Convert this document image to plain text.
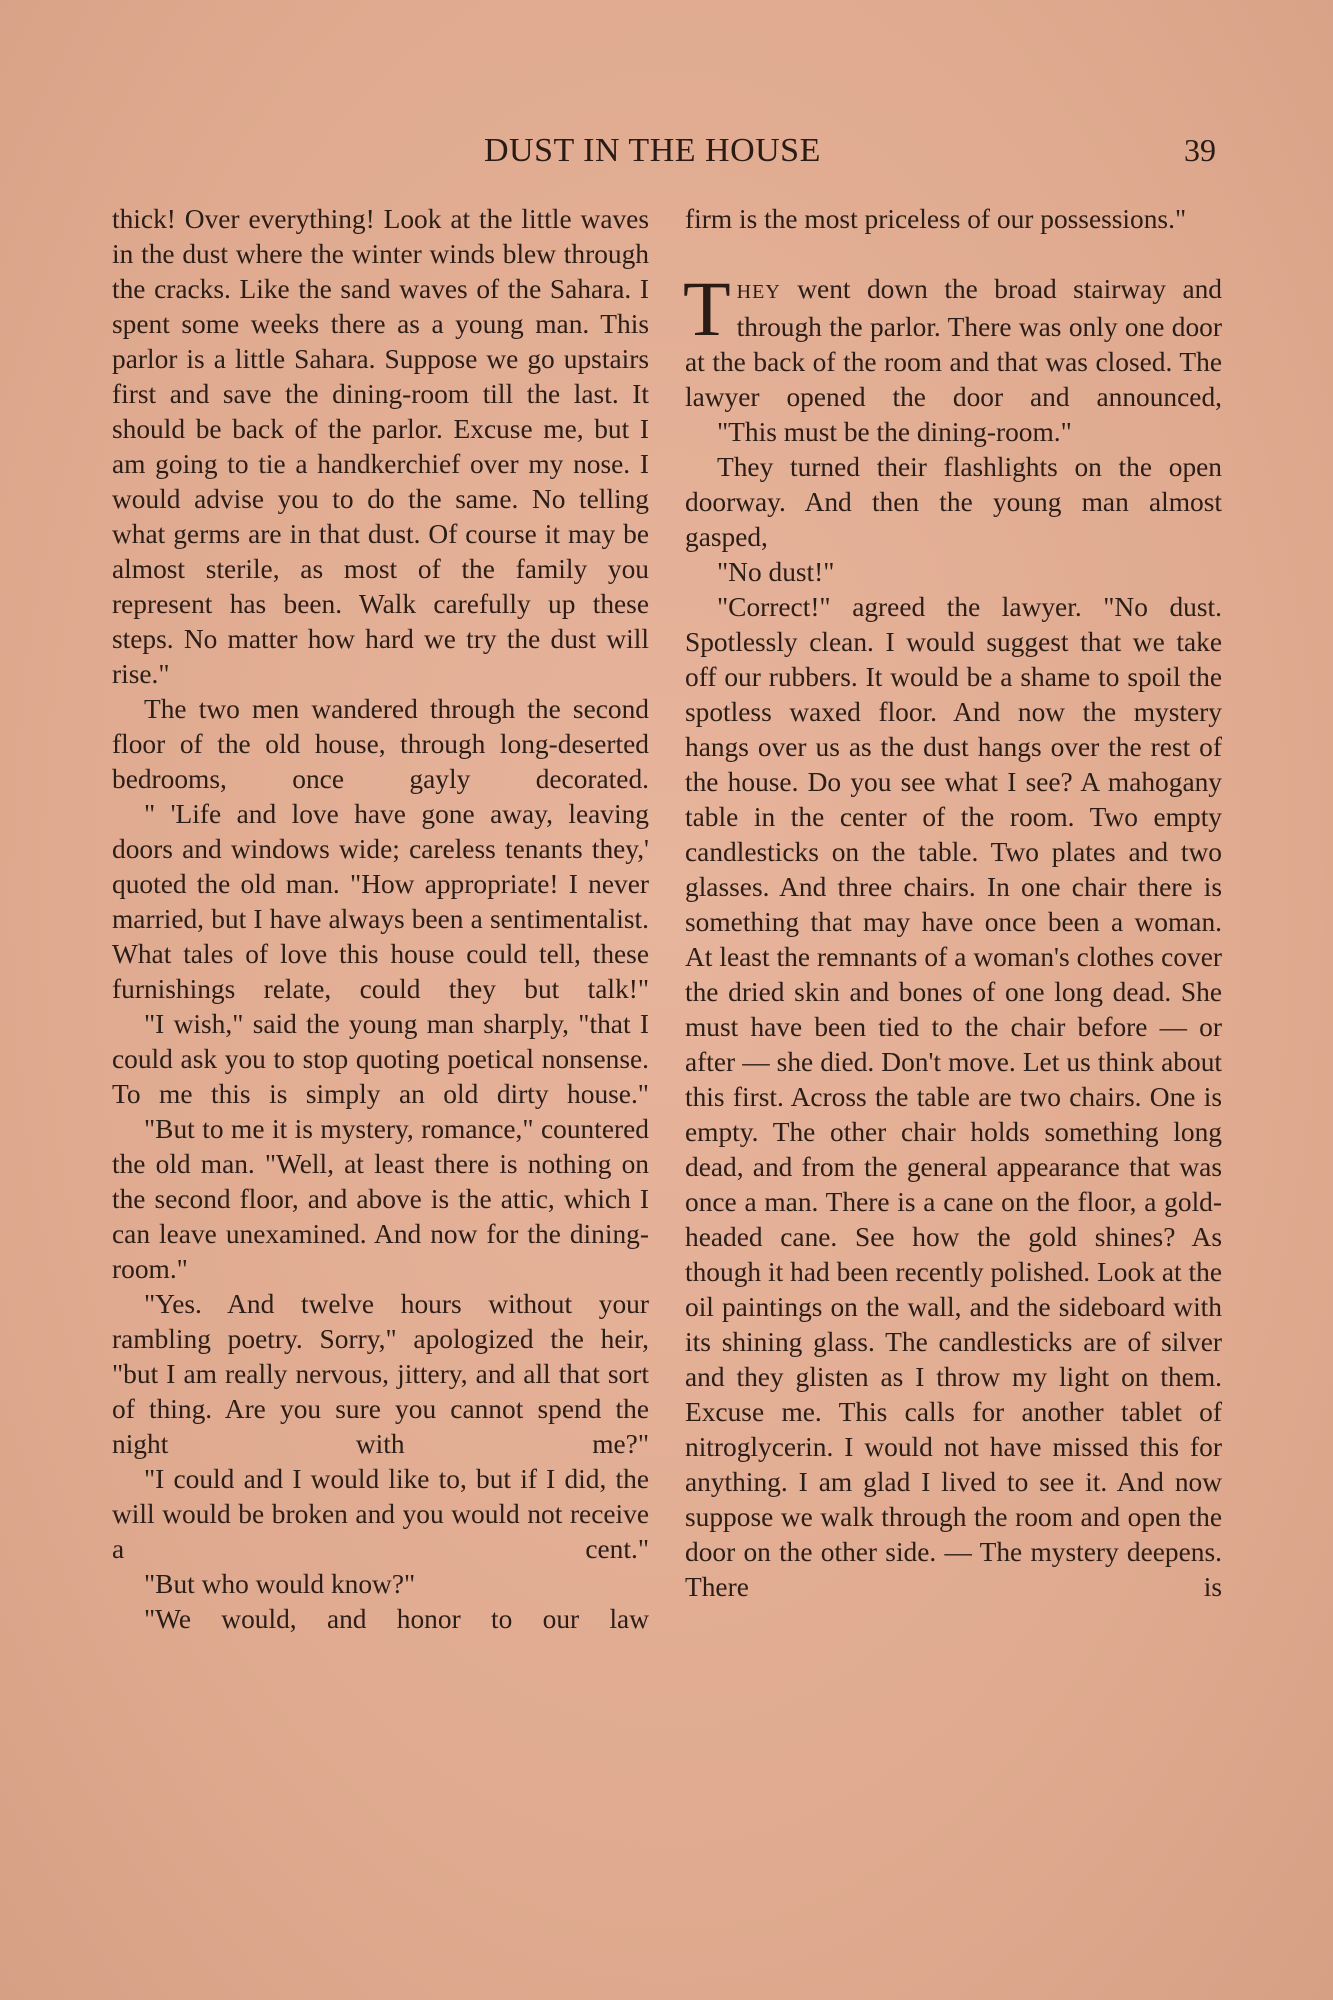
DUST IN THE HOUSE	39

thick! Over everything! Look at the little waves in the dust where the winter winds blew through the cracks. Like the sand waves of the Sahara. I spent some weeks there as a young man. This parlor is a little Sahara. Suppose we go upstairs first and save the dining-room till the last. It should be back of the parlor. Excuse me, but I am going to tie a handkerchief over my nose. I would advise you to do the same. No telling what germs are in that dust. Of course it may be almost sterile, as most of the family you represent has been. Walk carefully up these steps. No matter how hard we try the dust will rise."

The two men wandered through the second floor of the old house, through long-deserted bedrooms, once gayly decorated.

" 'Life and love have gone away, leaving doors and windows wide; careless tenants they,' quoted the old man. "How appropriate! I never married, but I have always been a sentimentalist. What tales of love this house could tell, these furnishings relate, could they but talk!"

"I wish," said the young man sharply, "that I could ask you to stop quoting poetical nonsense. To me this is simply an old dirty house."

"But to me it is mystery, romance," countered the old man. "Well, at least there is nothing on the second floor, and above is the attic, which I can leave unexamined. And now for the dining-room."

"Yes. And twelve hours without your rambling poetry. Sorry," apologized the heir, "but I am really nervous, jittery, and all that sort of thing. Are you sure you cannot spend the night with me?"

"I could and I would like to, but if I did, the will would be broken and you would not receive a cent."

"But who would know?"

"We would, and honor to our law

firm is the most priceless of our possessions."

THEY went down the broad stairway and through the parlor. There was only one door at the back of the room and that was closed. The lawyer opened the door and announced,

"This must be the dining-room."

They turned their flashlights on the open doorway. And then the young man almost gasped,

"No dust!"

"Correct!" agreed the lawyer. "No dust. Spotlessly clean. I would suggest that we take off our rubbers. It would be a shame to spoil the spotless waxed floor. And now the mystery hangs over us as the dust hangs over the rest of the house. Do you see what I see? A mahogany table in the center of the room. Two empty candlesticks on the table. Two plates and two glasses. And three chairs. In one chair there is something that may have once been a woman. At least the remnants of a woman's clothes cover the dried skin and bones of one long dead. She must have been tied to the chair before — or after — she died. Don't move. Let us think about this first. Across the table are two chairs. One is empty. The other chair holds something long dead, and from the general appearance that was once a man. There is a cane on the floor, a gold-headed cane. See how the gold shines? As though it had been recently polished. Look at the oil paintings on the wall, and the sideboard with its shining glass. The candlesticks are of silver and they glisten as I throw my light on them. Excuse me. This calls for another tablet of nitroglycerin. I would not have missed this for anything. I am glad I lived to see it. And now suppose we walk through the room and open the door on the other side. — The mystery deepens. There is
